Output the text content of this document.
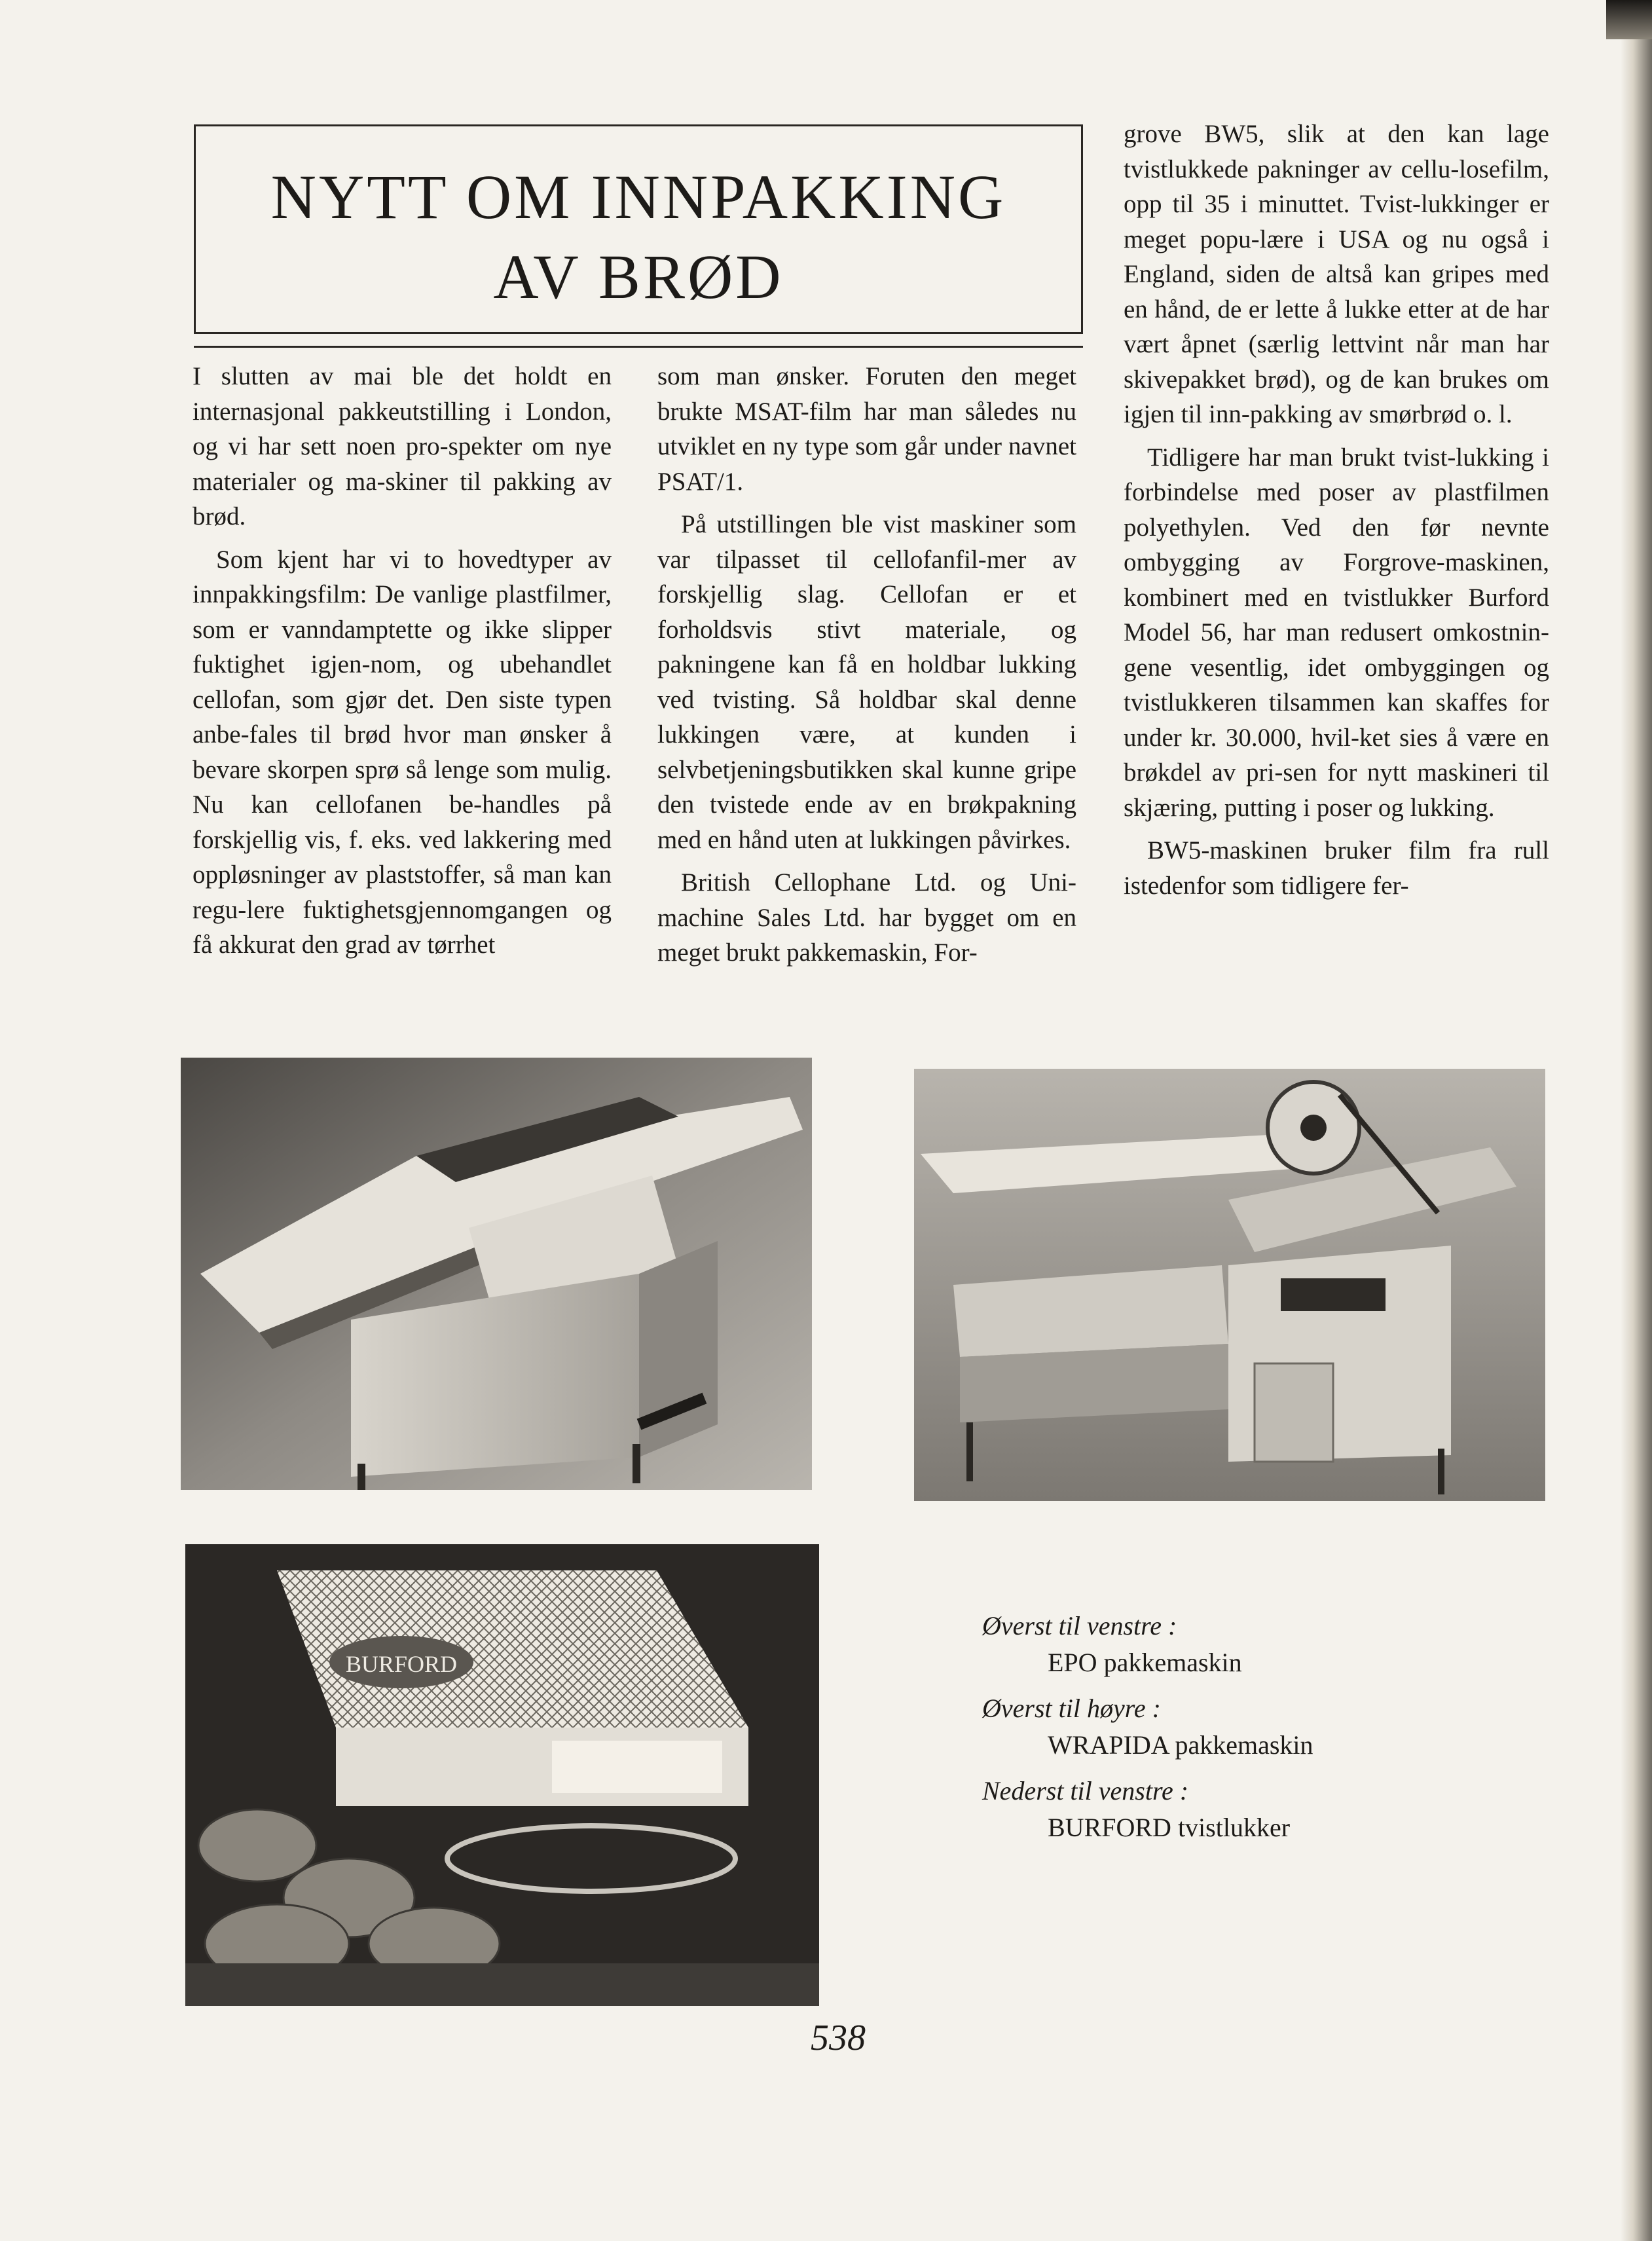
NYTT OM INNPAKKING
AV BRØD

I slutten av mai ble det holdt en internasjonal pakkeutstilling i London, og vi har sett noen pro-spekter om nye materialer og ma-skiner til pakking av brød.

Som kjent har vi to hovedtyper av innpakkingsfilm: De vanlige plastfilmer, som er vanndamptette og ikke slipper fuktighet igjen-nom, og ubehandlet cellofan, som gjør det. Den siste typen anbe-fales til brød hvor man ønsker å bevare skorpen sprø så lenge som mulig. Nu kan cellofanen be-handles på forskjellig vis, f. eks. ved lakkering med oppløsninger av plaststoffer, så man kan regu-lere fuktighetsgjennomgangen og få akkurat den grad av tørrhet

som man ønsker. Foruten den meget brukte MSAT-film har man således nu utviklet en ny type som går under navnet PSAT/1.

På utstillingen ble vist maskiner som var tilpasset til cellofanfil-mer av forskjellig slag. Cellofan er et forholdsvis stivt materiale, og pakningene kan få en holdbar lukking ved tvisting. Så holdbar skal denne lukkingen være, at kunden i selvbetjeningsbutikken skal kunne gripe den tvistede ende av en brøkpakning med en hånd uten at lukkingen påvirkes.

British Cellophane Ltd. og Uni-machine Sales Ltd. har bygget om en meget brukt pakkemaskin, For-

grove BW5, slik at den kan lage tvistlukkede pakninger av cellu-losefilm, opp til 35 i minuttet. Tvist-lukkinger er meget popu-lære i USA og nu også i England, siden de altså kan gripes med en hånd, de er lette å lukke etter at de har vært åpnet (særlig lettvint når man har skivepakket brød), og de kan brukes om igjen til inn-pakking av smørbrød o. l.

Tidligere har man brukt tvist-lukking i forbindelse med poser av plastfilmen polyethylen. Ved den før nevnte ombygging av Forgrove-maskinen, kombinert med en tvistlukker Burford Model 56, har man redusert omkostnin-gene vesentlig, idet ombyggingen og tvistlukkeren tilsammen kan skaffes for under kr. 30.000, hvil-ket sies å være en brøkdel av pri-sen for nytt maskineri til skjæring, putting i poser og lukking.

BW5-maskinen bruker film fra rull istedenfor som tidligere fer-

BURFORD

Øverst til venstre :

EPO pakkemaskin

Øverst til høyre :

WRAPIDA pakkemaskin

Nederst til venstre :

BURFORD tvistlukker

538
